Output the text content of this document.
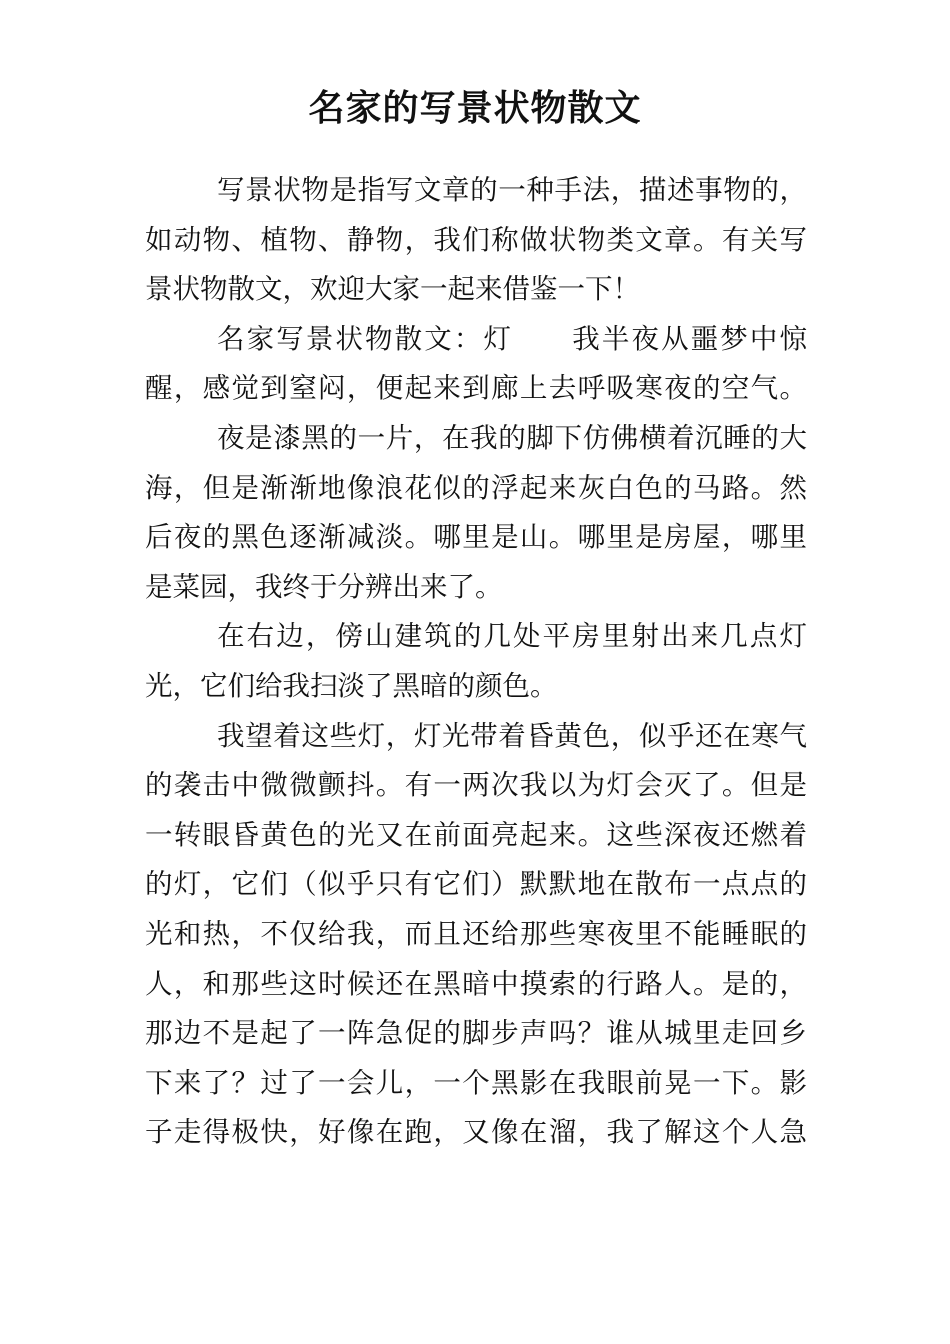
名家的写景状物散文
写景状物是指写文章的一种手法，描述事物的，
如动物、植物、静物，我们称做状物类文章。有关写
景状物散文，欢迎大家一起来借鉴一下！
名家写景状物散文：灯　　我半夜从噩梦中惊
醒，感觉到窒闷，便起来到廊上去呼吸寒夜的空气。
夜是漆黑的一片，在我的脚下仿佛横着沉睡的大
海，但是渐渐地像浪花似的浮起来灰白色的马路。然
后夜的黑色逐渐减淡。哪里是山。哪里是房屋，哪里
是菜园，我终于分辨出来了。
在右边，傍山建筑的几处平房里射出来几点灯
光，它们给我扫淡了黑暗的颜色。
我望着这些灯，灯光带着昏黄色，似乎还在寒气
的袭击中微微颤抖。有一两次我以为灯会灭了。但是
一转眼昏黄色的光又在前面亮起来。这些深夜还燃着
的灯，它们（似乎只有它们）默默地在散布一点点的
光和热，不仅给我，而且还给那些寒夜里不能睡眠的
人，和那些这时候还在黑暗中摸索的行路人。是的，
那边不是起了一阵急促的脚步声吗？谁从城里走回乡
下来了？过了一会儿，一个黑影在我眼前晃一下。影
子走得极快，好像在跑，又像在溜，我了解这个人急
